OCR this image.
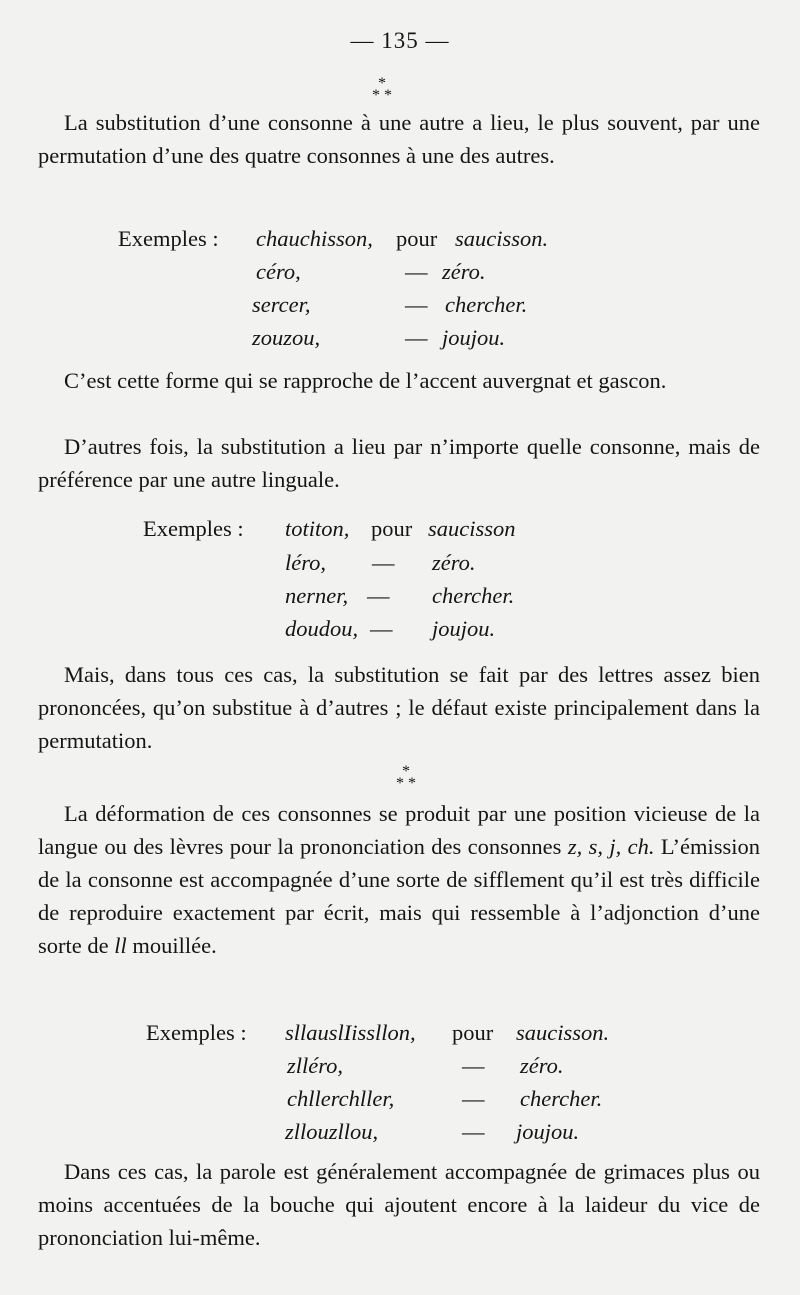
— 135 —
*
* *
La substitution d’une consonne à une autre a lieu, le plus souvent, par une permutation d’une des quatre consonnes à une des autres.
Exemples : chauchisson, pour saucisson.
céro,	— zéro.
sercer,	— chercher.
zouzou,	— joujou.
C’est cette forme qui se rapproche de l’accent auvergnat et gascon.
D’autres fois, la substitution a lieu par n’importe quelle consonne, mais de préférence par une autre linguale.
Exemples : totiton, pour saucisson
léro, — zéro.
nerner, — chercher.
doudou, — joujou.
Mais, dans tous ces cas, la substitution se fait par des lettres assez bien prononcées, qu’on substitue à d’autres ; le défaut existe principalement dans la permutation.
*
* *
La déformation de ces consonnes se produit par une position vicieuse de la langue ou des lèvres pour la prononciation des consonnes z, s, j, ch. L’émission de la consonne est accompagnée d’une sorte de sifflement qu’il est très difficile de reproduire exactement par écrit, mais qui ressemble à l’adjonction d’une sorte de ll mouillée.
Exemples : sllauslIissllon, pour saucisson.
zlléro,	— zéro.
chllerchller,	— chercher.
zllouzllou,	— joujou.
Dans ces cas, la parole est généralement accompagnée de grimaces plus ou moins accentuées de la bouche qui ajoutent encore à la laideur du vice de prononciation lui-même.
